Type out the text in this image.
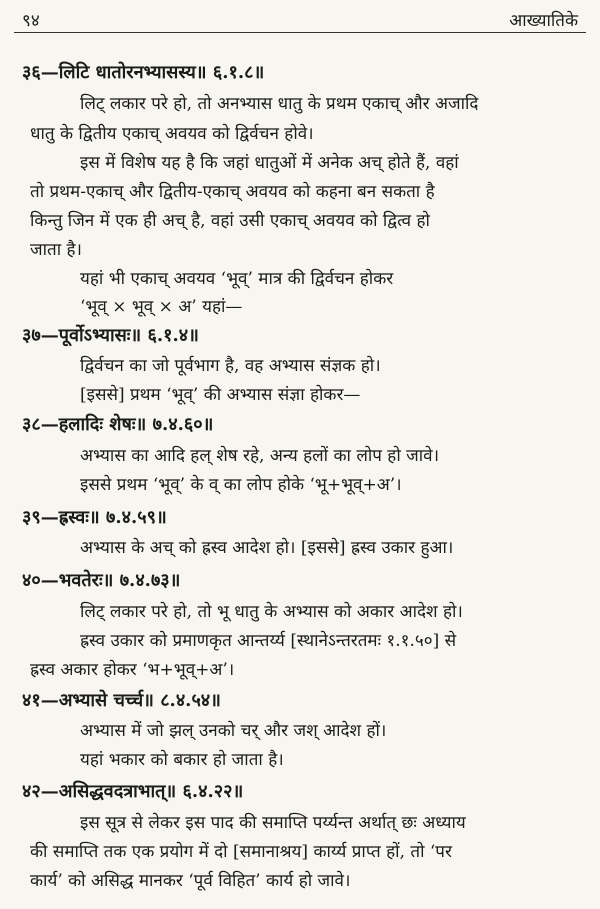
९४	आख्यातिके
३६—लिटि धातोरनभ्यासस्य॥ ६.१.८॥
लिट् लकार परे हो, तो अनभ्यास धातु के प्रथम एकाच् और अजादि
धातु के द्वितीय एकाच् अवयव को द्विर्वचन होवे।
इस में विशेष यह है कि जहां धातुओं में अनेक अच् होते हैं, वहां
तो प्रथम-एकाच् और द्वितीय-एकाच् अवयव को कहना बन सकता है
किन्तु जिन में एक ही अच् है, वहां उसी एकाच् अवयव को द्वित्व हो
जाता है।
यहां भी एकाच् अवयव ‘भूव्’ मात्र की द्विर्वचन होकर
‘भूव् × भूव् × अ’ यहां—
३७—पूर्वोऽभ्यासः॥ ६.१.४॥
द्विर्वचन का जो पूर्वभाग है, वह अभ्यास संज्ञक हो।
[इससे] प्रथम ‘भूव्’ की अभ्यास संज्ञा होकर—
३८—हलादिः शेषः॥ ७.४.६०॥
अभ्यास का आदि हल् शेष रहे, अन्य हलों का लोप हो जावे।
इससे प्रथम ‘भूव्’ के व् का लोप होके ‘भू+भूव्+अ’।
३९—ह्रस्वः॥ ७.४.५९॥
अभ्यास के अच् को ह्रस्व आदेश हो। [इससे] ह्रस्व उकार हुआ।
४०—भवतेरः॥ ७.४.७३॥
लिट् लकार परे हो, तो भू धातु के अभ्यास को अकार आदेश हो।
ह्रस्व उकार को प्रमाणकृत आन्तर्य्य [स्थानेऽन्तरतमः १.१.५०] से
ह्रस्व अकार होकर ‘भ+भूव्+अ’।
४१—अभ्यासे चर्च्च॥ ८.४.५४॥
अभ्यास में जो झल् उनको चर् और जश् आदेश हों।
यहां भकार को बकार हो जाता है।
४२—असिद्धवदत्राभात्॥ ६.४.२२॥
इस सूत्र से लेकर इस पाद की समाप्ति पर्य्यन्त अर्थात् छः अध्याय
की समाप्ति तक एक प्रयोग में दो [समानाश्रय] कार्य्य प्राप्त हों, तो ‘पर
कार्य’ को असिद्ध मानकर ‘पूर्व विहित’ कार्य हो जावे।
